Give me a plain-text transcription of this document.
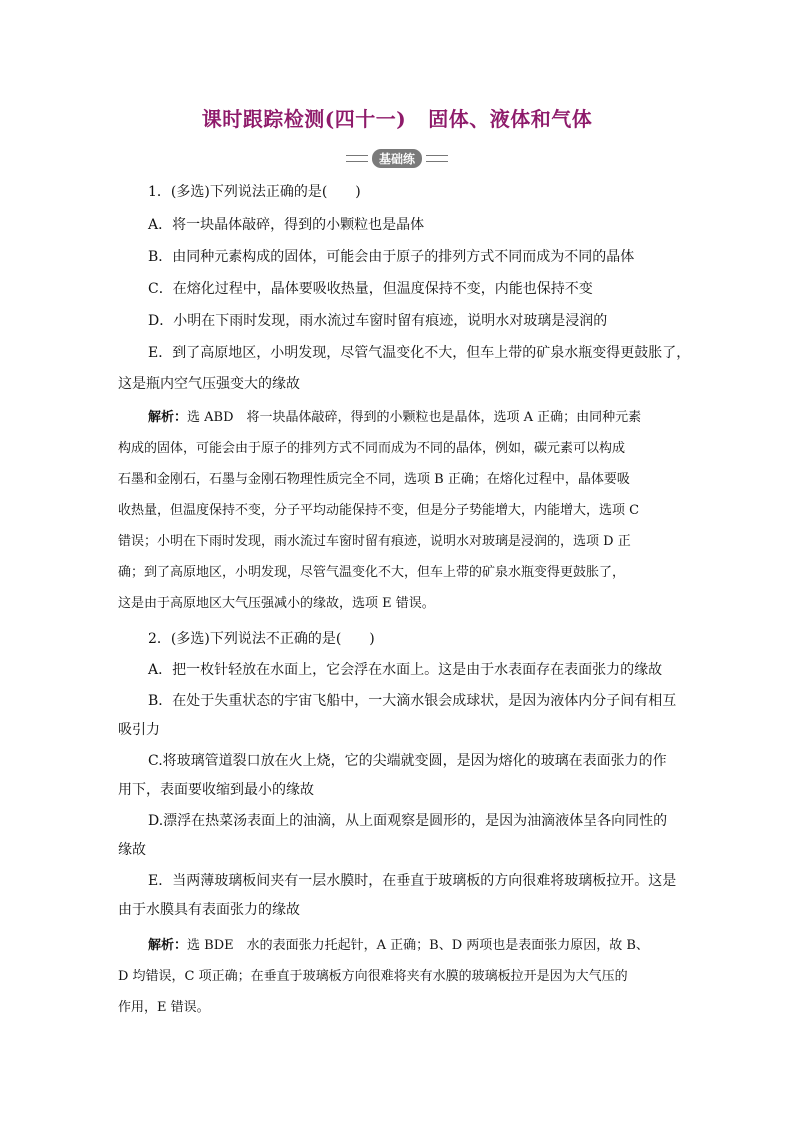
课时跟踪检测(四十一) 固体、液体和气体
基础练
1．(多选)下列说法正确的是(　　)
A．将一块晶体敲碎，得到的小颗粒也是晶体
B．由同种元素构成的固体，可能会由于原子的排列方式不同而成为不同的晶体
C．在熔化过程中，晶体要吸收热量，但温度保持不变，内能也保持不变
D．小明在下雨时发现，雨水流过车窗时留有痕迹，说明水对玻璃是浸润的
E．到了高原地区，小明发现，尽管气温变化不大，但车上带的矿泉水瓶变得更鼓胀了，
这是瓶内空气压强变大的缘故
解析：选 ABD　将一块晶体敲碎，得到的小颗粒也是晶体，选项 A 正确；由同种元素
构成的固体，可能会由于原子的排列方式不同而成为不同的晶体，例如，碳元素可以构成
石墨和金刚石，石墨与金刚石物理性质完全不同，选项 B 正确；在熔化过程中，晶体要吸
收热量，但温度保持不变，分子平均动能保持不变，但是分子势能增大，内能增大，选项 C
错误；小明在下雨时发现，雨水流过车窗时留有痕迹，说明水对玻璃是浸润的，选项 D 正
确；到了高原地区，小明发现，尽管气温变化不大，但车上带的矿泉水瓶变得更鼓胀了，
这是由于高原地区大气压强减小的缘故，选项 E 错误。
2．(多选)下列说法不正确的是(　　)
A．把一枚针轻放在水面上，它会浮在水面上。这是由于水表面存在表面张力的缘故
B．在处于失重状态的宇宙飞船中，一大滴水银会成球状，是因为液体内分子间有相互
吸引力
C.将玻璃管道裂口放在火上烧，它的尖端就变圆，是因为熔化的玻璃在表面张力的作
用下，表面要收缩到最小的缘故
D.漂浮在热菜汤表面上的油滴，从上面观察是圆形的，是因为油滴液体呈各向同性的
缘故
E．当两薄玻璃板间夹有一层水膜时，在垂直于玻璃板的方向很难将玻璃板拉开。这是
由于水膜具有表面张力的缘故
解析：选 BDE　水的表面张力托起针，A 正确；B、D 两项也是表面张力原因，故 B、
D 均错误，C 项正确；在垂直于玻璃板方向很难将夹有水膜的玻璃板拉开是因为大气压的
作用，E 错误。
